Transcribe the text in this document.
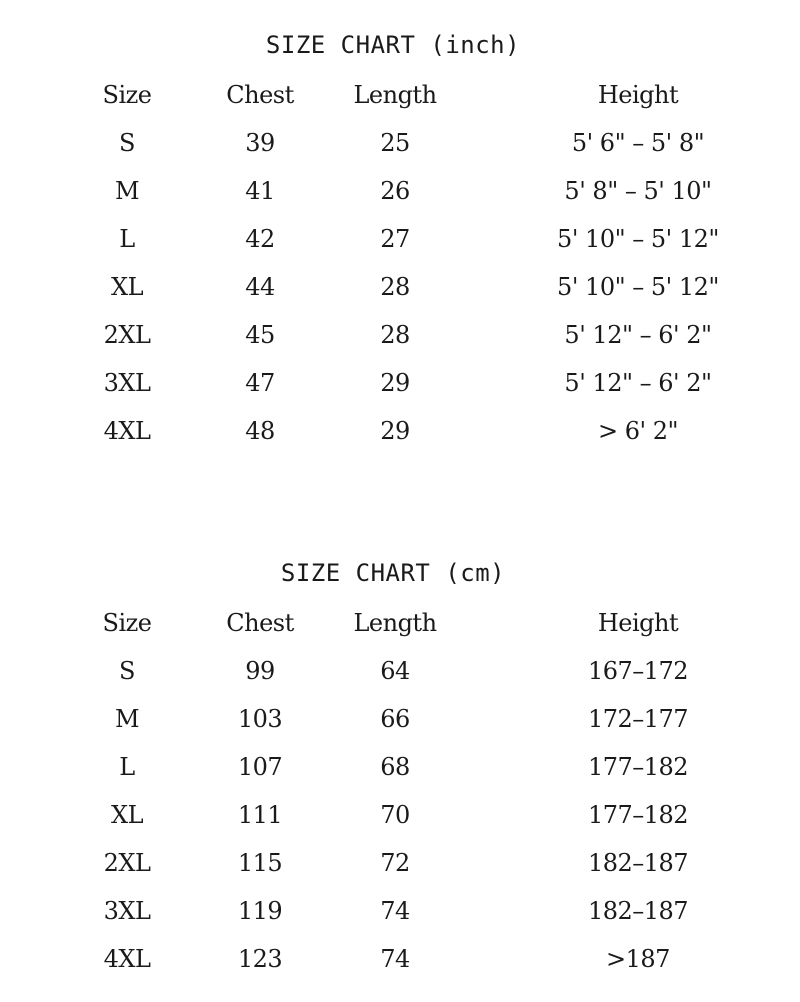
SIZE CHART (inch)
Size	Chest	Length	Height
S	39	25	5' 6" – 5' 8"
M	41	26	5' 8" – 5' 10"
L	42	27	5' 10" – 5' 12"
XL	44	28	5' 10" – 5' 12"
2XL	45	28	5' 12" – 6' 2"
3XL	47	29	5' 12" – 6' 2"
4XL	48	29	> 6' 2"
SIZE CHART (cm)
Size	Chest	Length	Height
S	99	64	167–172
M	103	66	172–177
L	107	68	177–182
XL	111	70	177–182
2XL	115	72	182–187
3XL	119	74	182–187
4XL	123	74	>187
